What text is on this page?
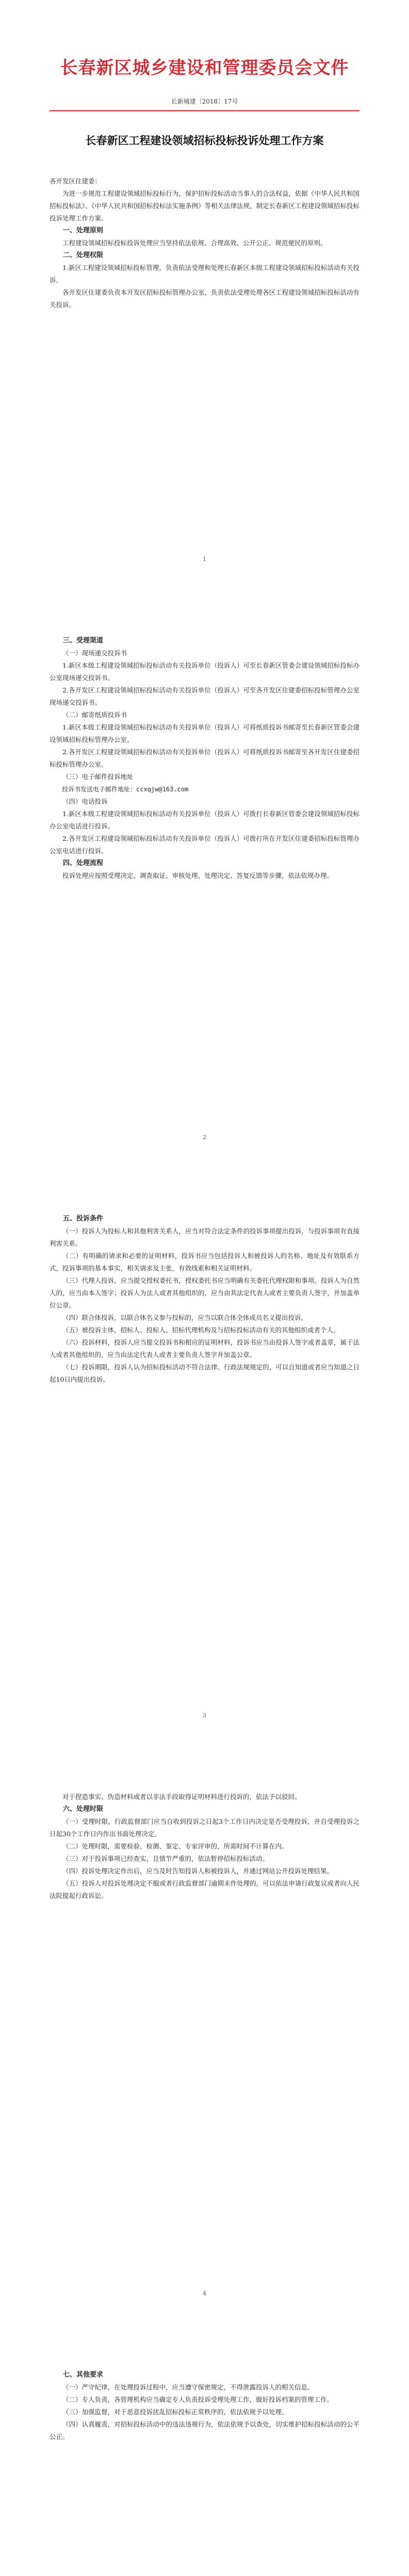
长春新区城乡建设和管理委员会文件
长新城建〔2018〕17号
长春新区工程建设领域招标投标投诉处理工作方案

各开发区住建委：

为进一步规范工程建设领域招标投标行为，保护招标投标活动当事人的合法权益，依据《中华人民共和国招标投标法》、《中华人民共和国招标投标法实施条例》等相关法律法规，制定长春新区工程建设领域招标投标投诉处理工作方案。

一、处理原则

工程建设领域招标投标投诉处理应当坚持依法依规、合理高效、公开公正、规范便民的原则。

二、处理权限

1.新区工程建设领域招标投标管理，负责依法受理和处理长春新区本级工程建设领域招标投标活动有关投诉。

各开发区住建委负责本开发区招标投标管理办公室，负责依法受理处理各区工程建设领域招标投标活动有关投诉。

1
三、受理渠道

（一）现场递交投诉书

1.新区本级工程建设领域招标投标活动有关投诉单位（投诉人）可至长春新区管委会建设领域招标投标办公室现场递交投诉书。

2.各开发区工程建设领域招标投标活动有关投诉单位（投诉人）可至各开发区住建委招标投标管理办公室现场递交投诉书。

（二）邮寄纸质投诉书

1.新区本级工程建设领域招标投标活动有关投诉单位（投诉人）可将纸质投诉书邮寄至长春新区管委会建设领域招标投标管理办公室。

2.各开发区工程建设领域招标投标活动有关投诉单位（投诉人）可将纸质投诉书邮寄至各开发区住建委招标投标管理办公室。

（三）电子邮件投诉地址

投诉书发送电子邮件地址：ccxqjw@163.com

（四）电话投诉

1.新区本级工程建设领域招标投标活动有关投诉单位（投诉人）可拨打长春新区管委会建设领域招标投标办公室电话进行投诉。

2.各开发区工程建设领域招标投标活动有关投诉单位（投诉人）可拨打所在开发区住建委招标投标管理办公室电话进行投诉。

四、处理流程

投诉处理应按照受理决定、调查取证、审核处理、处理决定、答复反馈等步骤，依法依规办理。

2
五、投诉条件

（一）投诉人为投标人和其他利害关系人，应当对符合法定条件的投诉事项提出投诉，与投诉事项有直接利害关系。

（二）有明确的请求和必要的证明材料，投诉书应当包括投诉人和被投诉人的名称、地址及有效联系方式，投诉事项的基本事实，相关请求及主张，有效线索和相关证明材料。

（三）代理人投诉，应当提交授权委托书，授权委托书应当明确有关委托代理权限和事项。投诉人为自然人的，应当由本人签字；投诉人为法人或者其他组织的，应当由其法定代表人或者主要负责人签字，并加盖单位公章。

（四）联合体投诉，以联合体名义参与投标的，应当以联合体全体成员名义提出投诉。

（五）被投诉主体，招标人、投标人、招标代理机构及与招标投标活动有关的其他组织或者个人。

（六）投诉材料，投诉人应当提交投诉书和相应的证明材料，投诉书应当由投诉人签字或者盖章，属于法人或者其他组织的，应当由法定代表人或者主要负责人签字并加盖公章。

（七）投诉期限，投诉人认为招标投标活动不符合法律、行政法规规定的，可以自知道或者应当知道之日起10日内提出投诉。

3

对于捏造事实、伪造材料或者以非法手段取得证明材料进行投诉的，依法予以驳回。

六、处理时限

（一）受理时限，行政监督部门应当自收到投诉之日起3个工作日内决定是否受理投诉，并自受理投诉之日起30个工作日内作出书面处理决定。

（二）处理时限，需要检验、检测、鉴定、专家评审的，所需时间不计算在内。

（三）对于投诉事项已经查实，且情节严重的，依法暂停招标投标活动。

（四）投诉处理决定作出后，应当及时告知投诉人和被投诉人，并通过网站公开投诉处理结果。

（五）投诉人对投诉处理决定不服或者行政监督部门逾期未作处理的，可以依法申请行政复议或者向人民法院提起行政诉讼。

4
七、其他要求

（一）严守纪律，在处理投诉过程中，应当遵守保密规定，不得泄露投诉人的相关信息。

（二）专人负责，各管理机构应当确定专人负责投诉受理处理工作，做好投诉档案的管理工作。

（三）加强监督，对于恶意投诉扰乱招标投标正常秩序的，依法依规予以处理。

（四）认真履责，对招标投标活动中的违法违规行为，依法依规予以查处，切实维护招标投标活动的公平公正。
